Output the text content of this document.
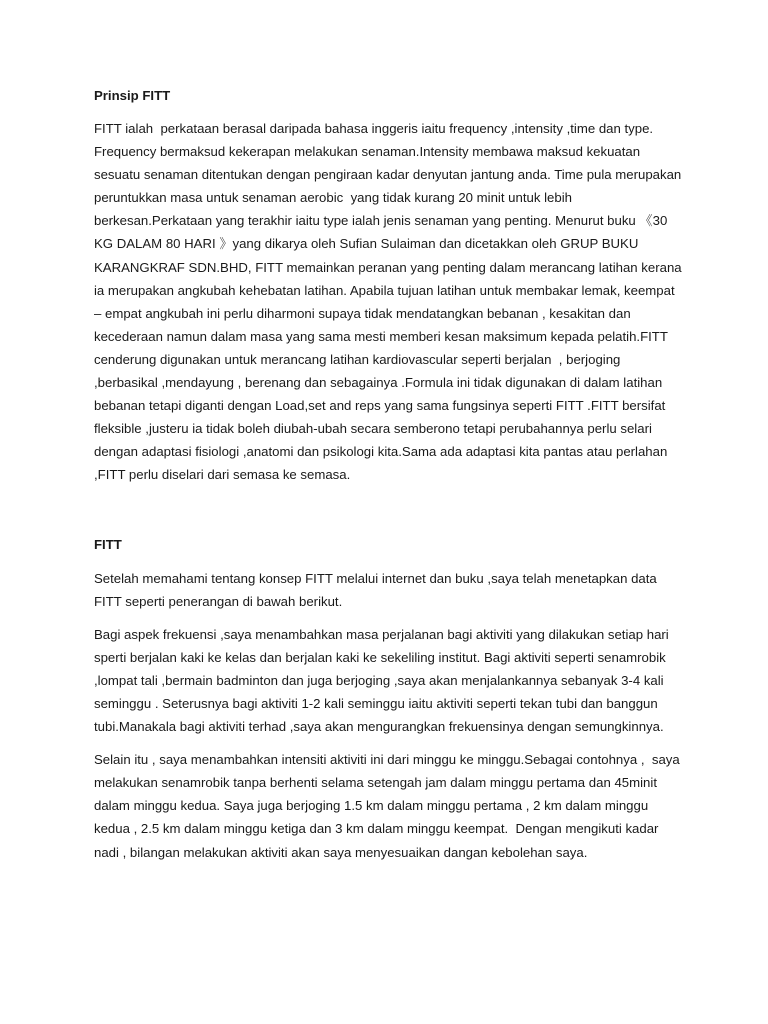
Prinsip FITT

FITT ialah  perkataan berasal daripada bahasa inggeris iaitu frequency ,intensity ,time dan type. Frequency bermaksud kekerapan melakukan senaman.Intensity membawa maksud kekuatan sesuatu senaman ditentukan dengan pengiraan kadar denyutan jantung anda. Time pula merupakan peruntukkan masa untuk senaman aerobic  yang tidak kurang 20 minit untuk lebih berkesan.Perkataan yang terakhir iaitu type ialah jenis senaman yang penting. Menurut buku 《30 KG DALAM 80 HARI 》yang dikarya oleh Sufian Sulaiman dan dicetakkan oleh GRUP BUKU KARANGKRAF SDN.BHD, FITT memainkan peranan yang penting dalam merancang latihan kerana ia merupakan angkubah kehebatan latihan. Apabila tujuan latihan untuk membakar lemak, keempat – empat angkubah ini perlu diharmoni supaya tidak mendatangkan bebanan , kesakitan dan kecederaan namun dalam masa yang sama mesti memberi kesan maksimum kepada pelatih.FITT cenderung digunakan untuk merancang latihan kardiovascular seperti berjalan  , berjoging ,berbasikal ,mendayung , berenang dan sebagainya .Formula ini tidak digunakan di dalam latihan bebanan tetapi diganti dengan Load,set and reps yang sama fungsinya seperti FITT .FITT bersifat fleksible ,justeru ia tidak boleh diubah-ubah secara semberono tetapi perubahannya perlu selari dengan adaptasi fisiologi ,anatomi dan psikologi kita.Sama ada adaptasi kita pantas atau perlahan ,FITT perlu diselari dari semasa ke semasa.

FITT

Setelah memahami tentang konsep FITT melalui internet dan buku ,saya telah menetapkan data FITT seperti penerangan di bawah berikut.

Bagi aspek frekuensi ,saya menambahkan masa perjalanan bagi aktiviti yang dilakukan setiap hari sperti berjalan kaki ke kelas dan berjalan kaki ke sekeliling institut. Bagi aktiviti seperti senamrobik ,lompat tali ,bermain badminton dan juga berjoging ,saya akan menjalankannya sebanyak 3-4 kali seminggu . Seterusnya bagi aktiviti 1-2 kali seminggu iaitu aktiviti seperti tekan tubi dan banggun tubi.Manakala bagi aktiviti terhad ,saya akan mengurangkan frekuensinya dengan semungkinnya.

Selain itu , saya menambahkan intensiti aktiviti ini dari minggu ke minggu.Sebagai contohnya ,  saya melakukan senamrobik tanpa berhenti selama setengah jam dalam minggu pertama dan 45minit dalam minggu kedua. Saya juga berjoging 1.5 km dalam minggu pertama , 2 km dalam minggu kedua , 2.5 km dalam minggu ketiga dan 3 km dalam minggu keempat.  Dengan mengikuti kadar nadi , bilangan melakukan aktiviti akan saya menyesuaikan dangan kebolehan saya.
